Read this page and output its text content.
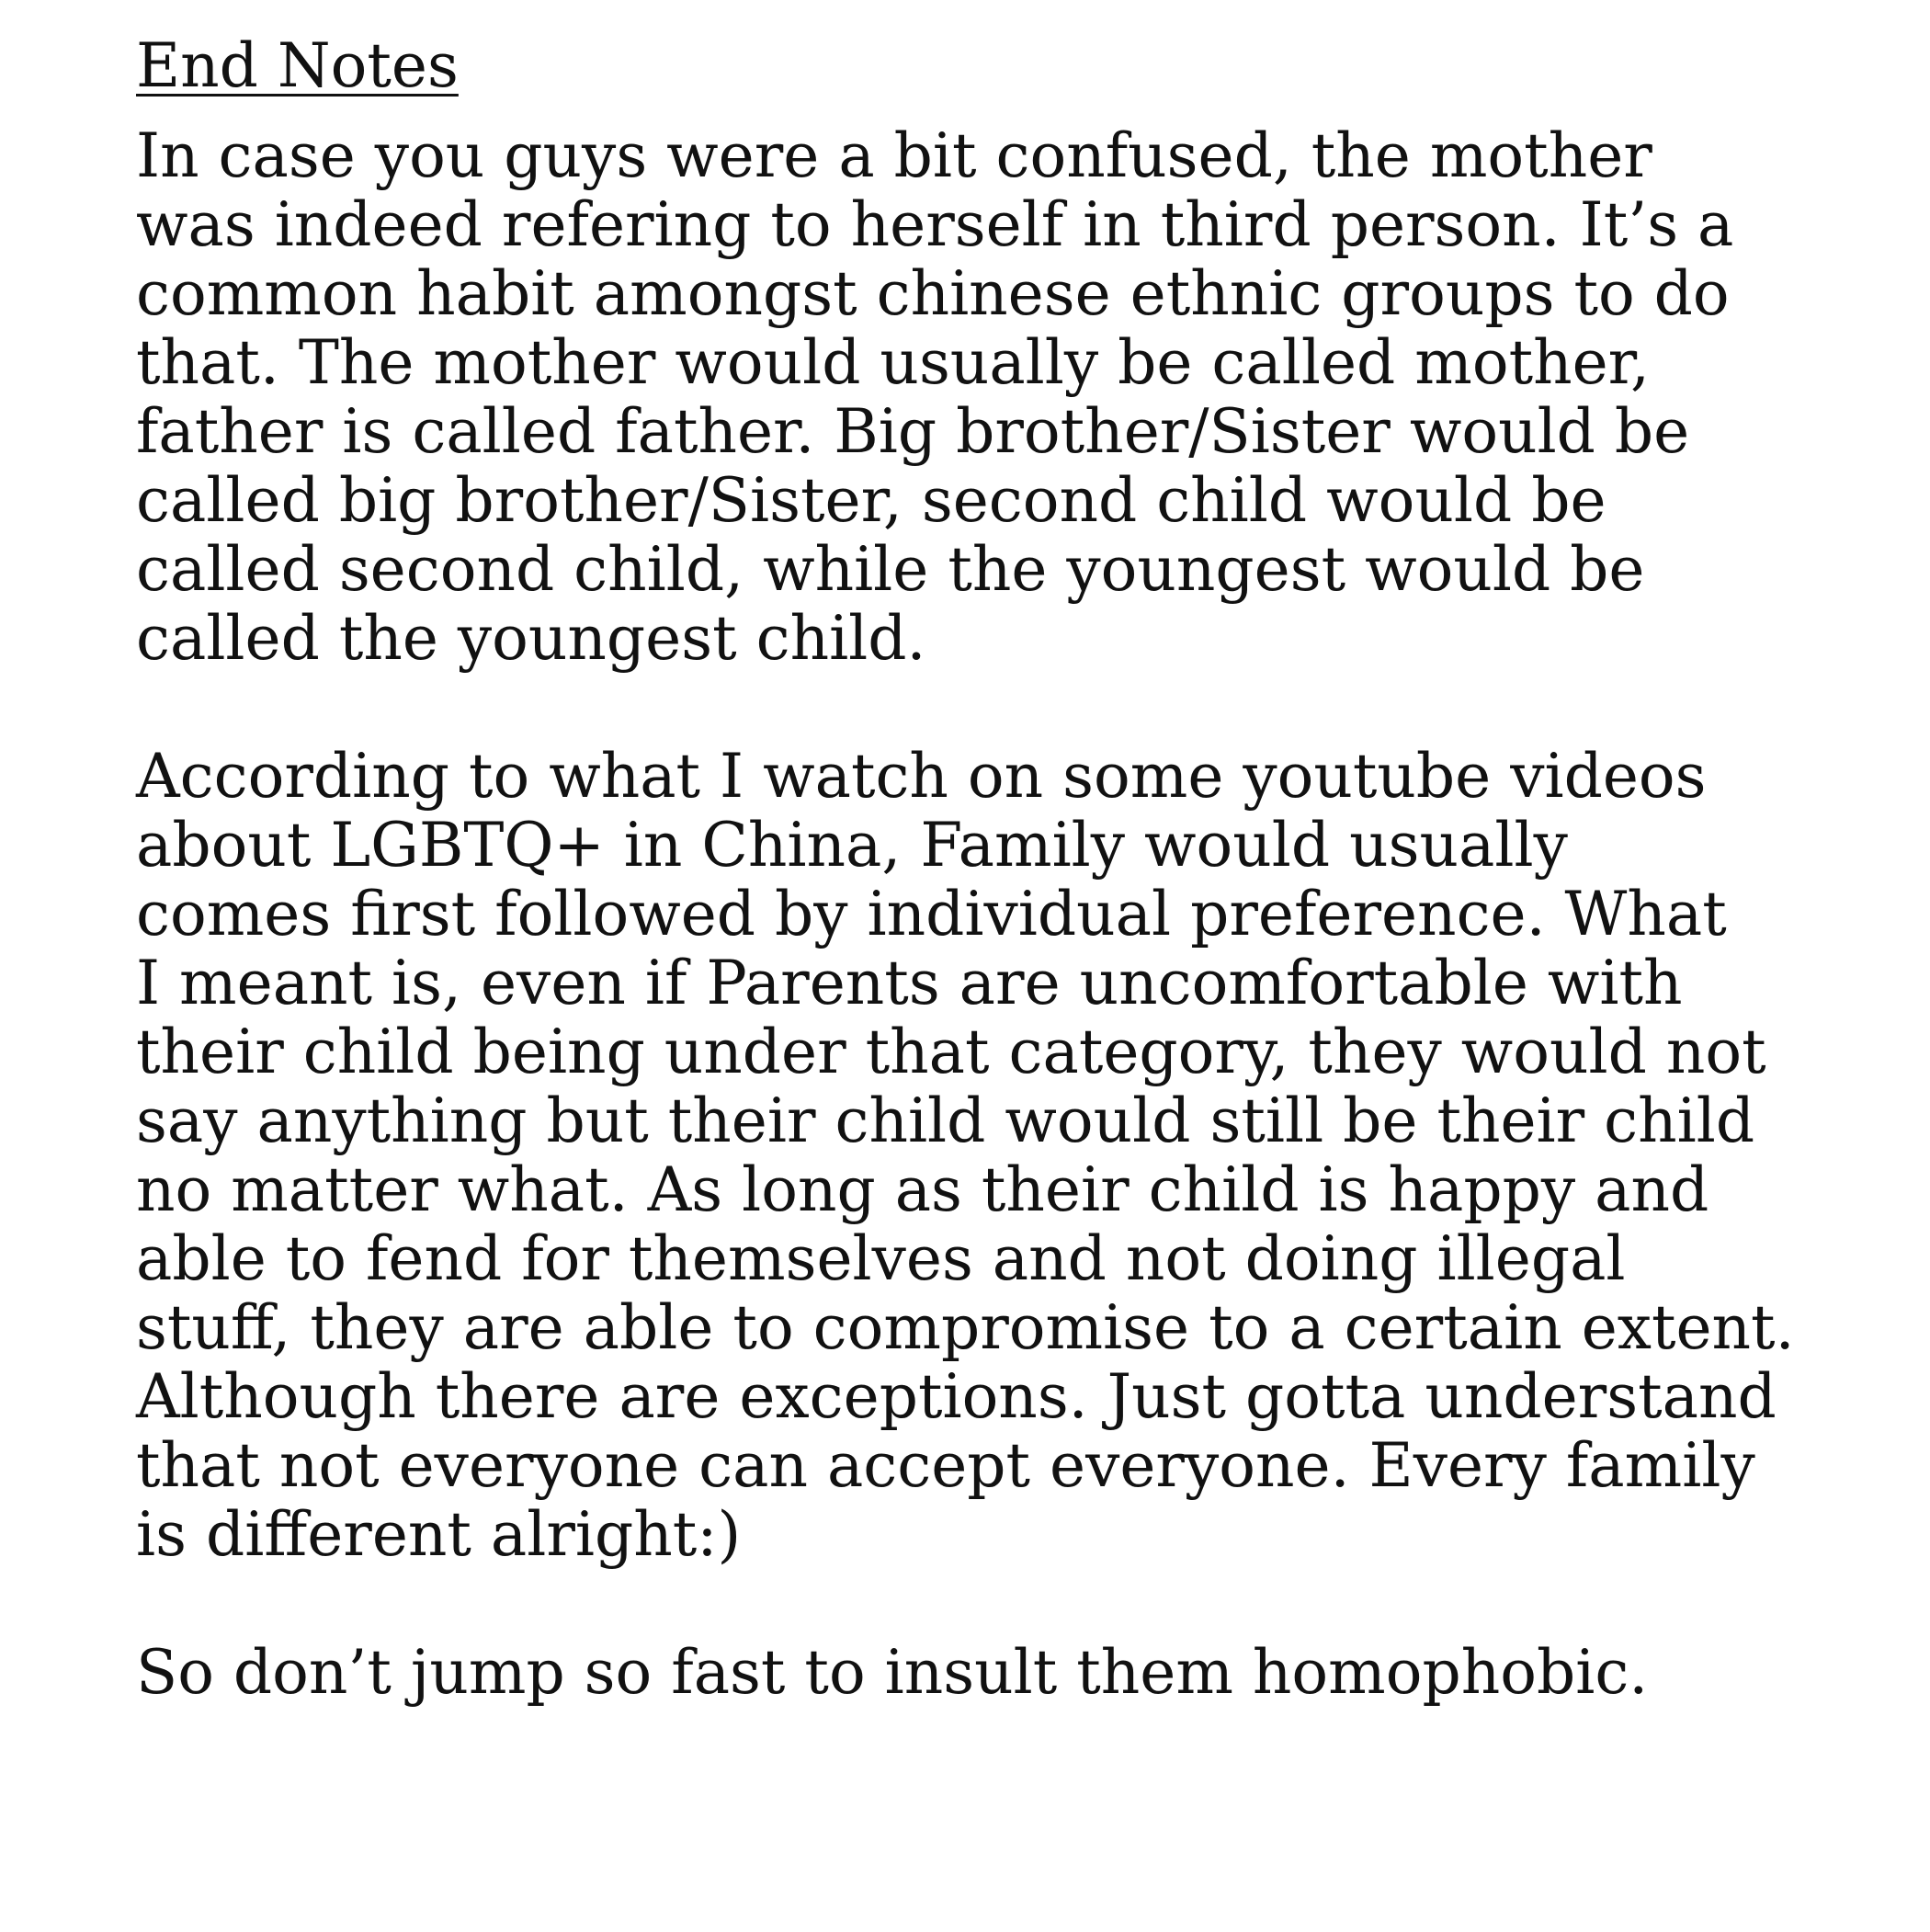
End Notes
In case you guys were a bit confused, the mother
was indeed refering to herself in third person. It’s a
common habit amongst chinese ethnic groups to do
that. The mother would usually be called mother,
father is called father. Big brother/Sister would be
called big brother/Sister, second child would be
called second child, while the youngest would be
called the youngest child.
According to what I watch on some youtube videos
about LGBTQ+ in China, Family would usually
comes first followed by individual preference. What
I meant is, even if Parents are uncomfortable with
their child being under that category, they would not
say anything but their child would still be their child
no matter what. As long as their child is happy and
able to fend for themselves and not doing illegal
stuff, they are able to compromise to a certain extent.
Although there are exceptions. Just gotta understand
that not everyone can accept everyone. Every family
is different alright:)
So don’t jump so fast to insult them homophobic.
